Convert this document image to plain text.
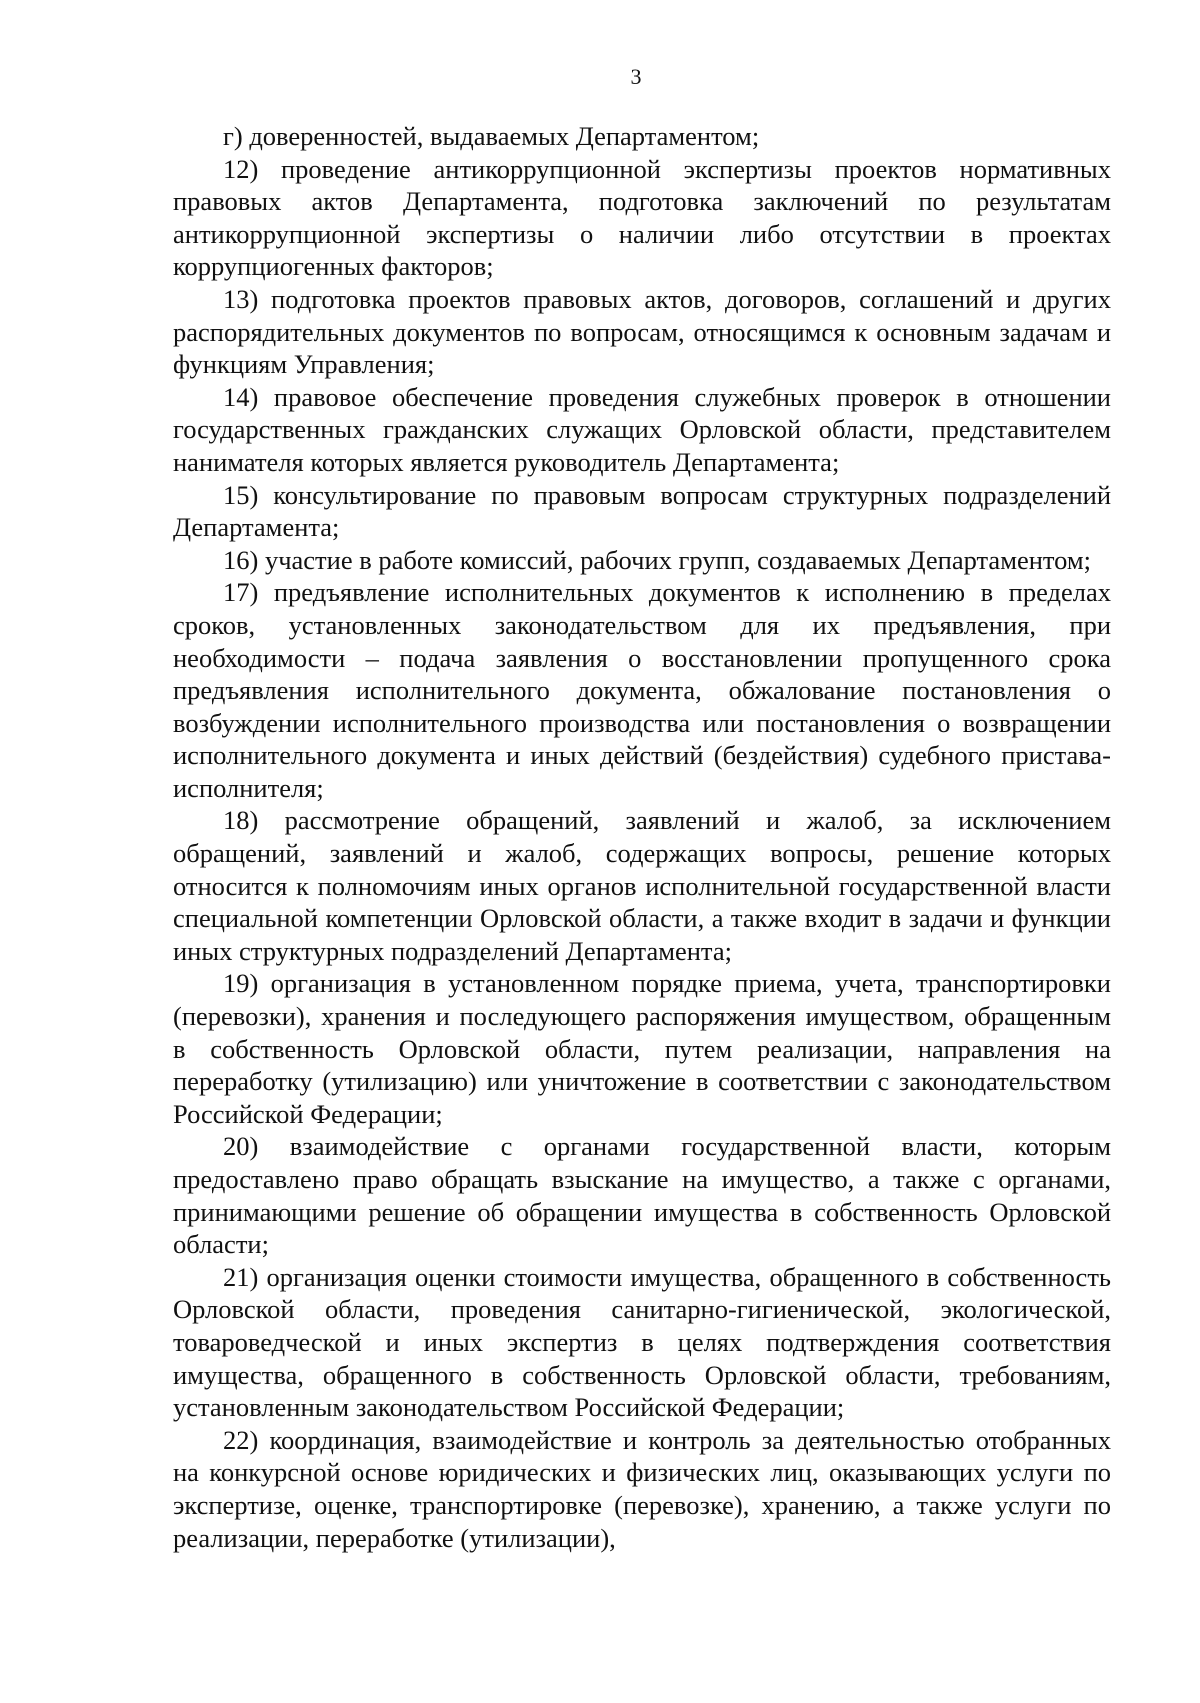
3

г) доверенностей, выдаваемых Департаментом;

12) проведение антикоррупционной экспертизы проектов нормативных правовых актов Департамента, подготовка заключений по результатам антикоррупционной экспертизы о наличии либо отсутствии в проектах коррупциогенных факторов;

13) подготовка проектов правовых актов, договоров, соглашений и других распорядительных документов по вопросам, относящимся к основным задачам и функциям Управления;

14) правовое обеспечение проведения служебных проверок в отношении государственных гражданских служащих Орловской области, представителем нанимателя которых является руководитель Департамента;

15) консультирование по правовым вопросам структурных подразделений Департамента;

16) участие в работе комиссий, рабочих групп, создаваемых Департаментом;

17) предъявление исполнительных документов к исполнению в пределах сроков, установленных законодательством для их предъявления, при необходимости – подача заявления о восстановлении пропущенного срока предъявления исполнительного документа, обжалование постановления о возбуждении исполнительного производства или постановления о возвращении исполнительного документа и иных действий (бездействия) судебного пристава-исполнителя;

18) рассмотрение обращений, заявлений и жалоб, за исключением обращений, заявлений и жалоб, содержащих вопросы, решение которых относится к полномочиям иных органов исполнительной государственной власти специальной компетенции Орловской области, а также входит в задачи и функции иных структурных подразделений Департамента;

19) организация в установленном порядке приема, учета, транспортировки (перевозки), хранения и последующего распоряжения имуществом, обращенным в собственность Орловской области, путем реализации, направления на переработку (утилизацию) или уничтожение в соответствии с законодательством Российской Федерации;

20) взаимодействие с органами государственной власти, которым предоставлено право обращать взыскание на имущество, а также с органами, принимающими решение об обращении имущества в собственность Орловской области;

21) организация оценки стоимости имущества, обращенного в собственность Орловской области, проведения санитарно-гигиенической, экологической, товароведческой и иных экспертиз в целях подтверждения соответствия имущества, обращенного в собственность Орловской области, требованиям, установленным законодательством Российской Федерации;

22) координация, взаимодействие и контроль за деятельностью отобранных на конкурсной основе юридических и физических лиц, оказывающих услуги по экспертизе, оценке, транспортировке (перевозке), хранению, а также услуги по реализации, переработке (утилизации),
